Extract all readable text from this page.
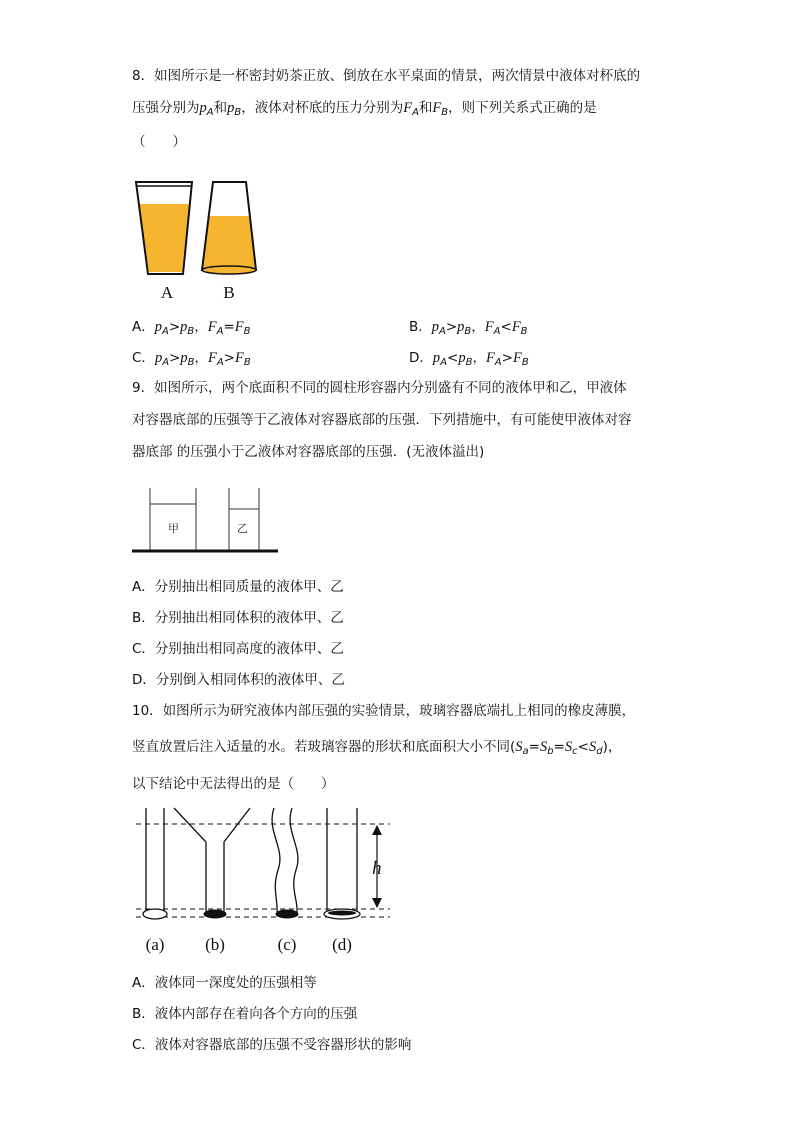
8．如图所示是一杯密封奶茶正放、倒放在水平桌面的情景，两次情景中液体对杯底的
压强分别为$p_A$和$p_B$，液体对杯底的压力分别为$F_A$和$F_B$，则下列关系式正确的是
（　　）
A	B
A．$p_A>p_B$，$F_A=F_B$	B．$p_A>p_B$，$F_A<F_B$
C．$p_A>p_B$，$F_A>F_B$	D．$p_A<p_B$，$F_A>F_B$
9．如图所示，两个底面积不同的圆柱形容器内分别盛有不同的液体甲和乙，甲液体
对容器底部的压强等于乙液体对容器底部的压强．下列措施中，有可能使甲液体对容
器底部 的压强小于乙液体对容器底部的压强．(无液体溢出)
甲	乙
A．分别抽出相同质量的液体甲、乙
B．分别抽出相同体积的液体甲、乙
C．分别抽出相同高度的液体甲、乙
D．分别倒入相同体积的液体甲、乙
10．如图所示为研究液体内部压强的实验情景，玻璃容器底端扎上相同的橡皮薄膜，
竖直放置后注入适量的水。若玻璃容器的形状和底面积大小不同$(S_a=S_b=S_c<S_d)$，
以下结论中无法得出的是（　　）
h
(a) (b)	(c) (d)
A．液体同一深度处的压强相等
B．液体内部存在着向各个方向的压强
C．液体对容器底部的压强不受容器形状的影响
